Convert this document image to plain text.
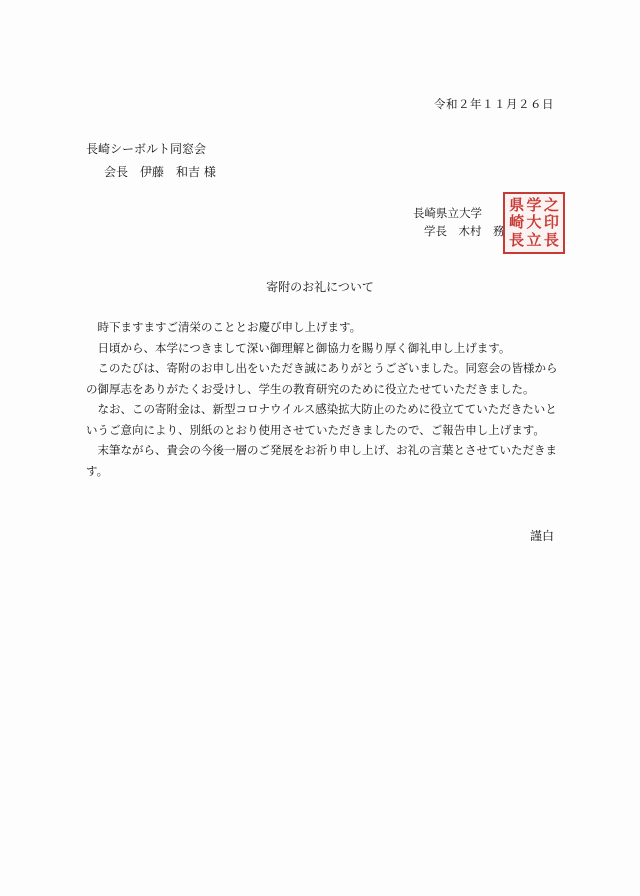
令和２年１１月２６日
長崎シーボルト同窓会
会長　伊藤　和吉 様
長崎県立大学
学長　木村　務
県 学 之
崎 大 印
長 立 長
寄附のお礼について

時下ますますご清栄のこととお慶び申し上げます。

日頃から、本学につきまして深い御理解と御協力を賜り厚く御礼申し上げます。

このたびは、寄附のお申し出をいただき誠にありがとうございました。同窓会の皆様からの御厚志をありがたくお受けし、学生の教育研究のために役立たせていただきました。

なお、この寄附金は、新型コロナウイルス感染拡大防止のために役立てていただきたいというご意向により、別紙のとおり使用させていただきましたので、ご報告申し上げます。

末筆ながら、貴会の今後一層のご発展をお祈り申し上げ、お礼の言葉とさせていただきます。

謹白
